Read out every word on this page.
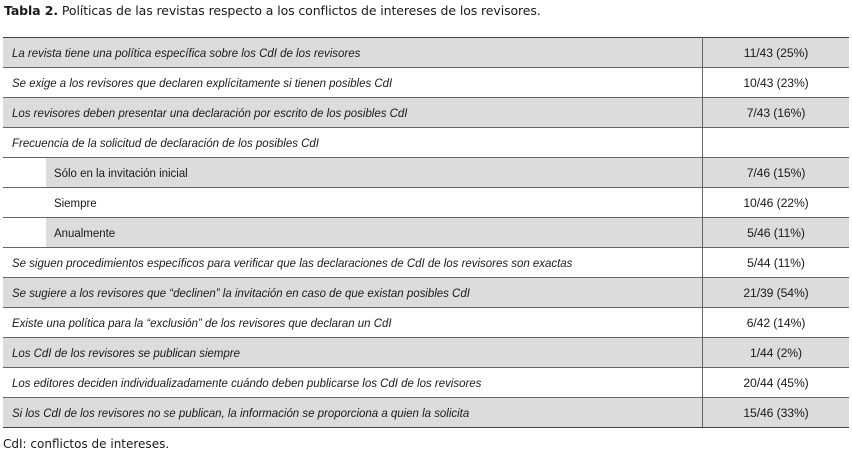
Tabla 2. Políticas de las revistas respecto a los conflictos de intereses de los revisores.
La revista tiene una política específica sobre los CdI de los revisores	11/43 (25%)
Se exige a los revisores que declaren explícitamente si tienen posibles CdI	10/43 (23%)
Los revisores deben presentar una declaración por escrito de los posibles CdI	7/43 (16%)
Frecuencia de la solicitud de declaración de los posibles CdI	
Sólo en la invitación inicial	7/46 (15%)
Siempre	10/46 (22%)
Anualmente	5/46 (11%)
Se siguen procedimientos específicos para verificar que las declaraciones de CdI de los revisores son exactas	5/44 (11%)
Se sugiere a los revisores que “declinen” la invitación en caso de que existan posibles CdI	21/39 (54%)
Existe una política para la “exclusión” de los revisores que declaran un CdI	6/42 (14%)
Los CdI de los revisores se publican siempre	1/44 (2%)
Los editores deciden individualizadamente cuándo deben publicarse los CdI de los revisores	20/44 (45%)
Si los CdI de los revisores no se publican, la información se proporciona a quien la solicita	15/46 (33%)
CdI: conflictos de intereses.
